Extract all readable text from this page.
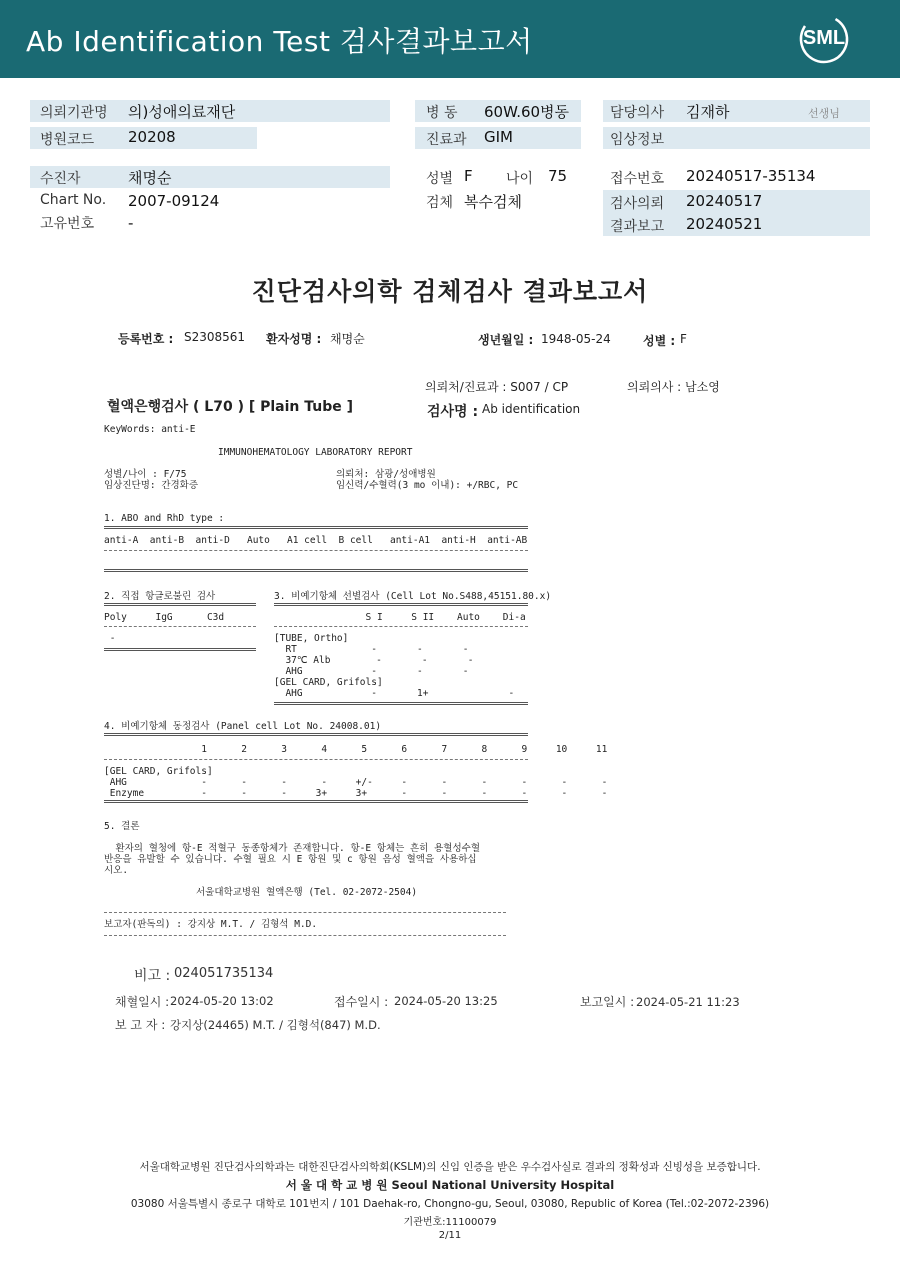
Ab Identification Test 검사결과보고서	SML
의뢰기관명 의)성애의료재단
병원코드 20208
병 동 60W.60병동
진료과 GIM
담당의사 김재하	선생님
임상정보
수진자	채명순
Chart No. 2007-09124
고유번호 -
성별 F 나이 75
검체 복수검체
접수번호 20240517-35134
검사의뢰 20240517
결과보고 20240521
진단검사의학 검체검사 결과보고서
등록번호 : S2308561 환자성명 : 채명순	생년월일 : 1948-05-24	성별 : F
의뢰처/진료과 : S007 / CP	의뢰의사 : 남소영
혈액은행검사 ( L70 ) [ Plain Tube ]	검사명 : Ab identification
KeyWords: anti-E
IMMUNOHEMATOLOGY LABORATORY REPORT
성별/나이 : F/75
임상진단명: 간경화증
의뢰처: 삼광/성애병원
임신력/수혈력(3 mo 이내): +/RBC, PC
1. ABO and RhD type :
anti-A  anti-B  anti-D   Auto   A1 cell  B cell   anti-A1  anti-H  anti-AB
2. 직접 항글로불린 검사
Poly     IgG      C3d
-
3. 비예기항체 선별검사 (Cell Lot No.S488,45151.80.x)
S I     S II    Auto    Di-a
[TUBE, Ortho]
RT             -       -       -
37℃ Alb        -       -       -
AHG            -       -       -
[GEL CARD, Grifols]
AHG            -       1+              -
4. 비예기항체 동정검사 (Panel cell Lot No. 24008.01)
1      2      3      4      5      6      7      8      9     10     11
[GEL CARD, Grifols]
AHG             -      -      -      -     +/-     -      -      -      -      -      -
Enzyme          -      -      -     3+     3+      -      -      -      -      -      -
5. 결론
환자의 혈청에 항-E 적혈구 동종항체가 존재합니다. 항-E 항체는 흔히 용혈성수혈
반응을 유발할 수 있습니다. 수혈 필요 시 E 항원 및 c 항원 음성 혈액을 사용하십
시오.
서울대학교병원 혈액은행 (Tel. 02-2072-2504)
보고자(판독의) : 강지상 M.T. / 김형석 M.D.
비고 : 024051735134
채혈일시 : 2024-05-20 13:02	접수일시 : 2024-05-20 13:25	보고일시 : 2024-05-21 11:23
보 고 자 : 강지상(24465) M.T. / 김형석(847) M.D.
서울대학교병원 진단검사의학과는 대한진단검사의학회(KSLM)의 신임 인증을 받은 우수검사실로 결과의 정확성과 신빙성을 보증합니다.
서 울 대 학 교 병 원 Seoul National University Hospital
03080 서울특별시 종로구 대학로 101번지 / 101 Daehak-ro, Chongno-gu, Seoul, 03080, Republic of Korea (Tel.:02-2072-2396)
기관번호:11100079
2/11
